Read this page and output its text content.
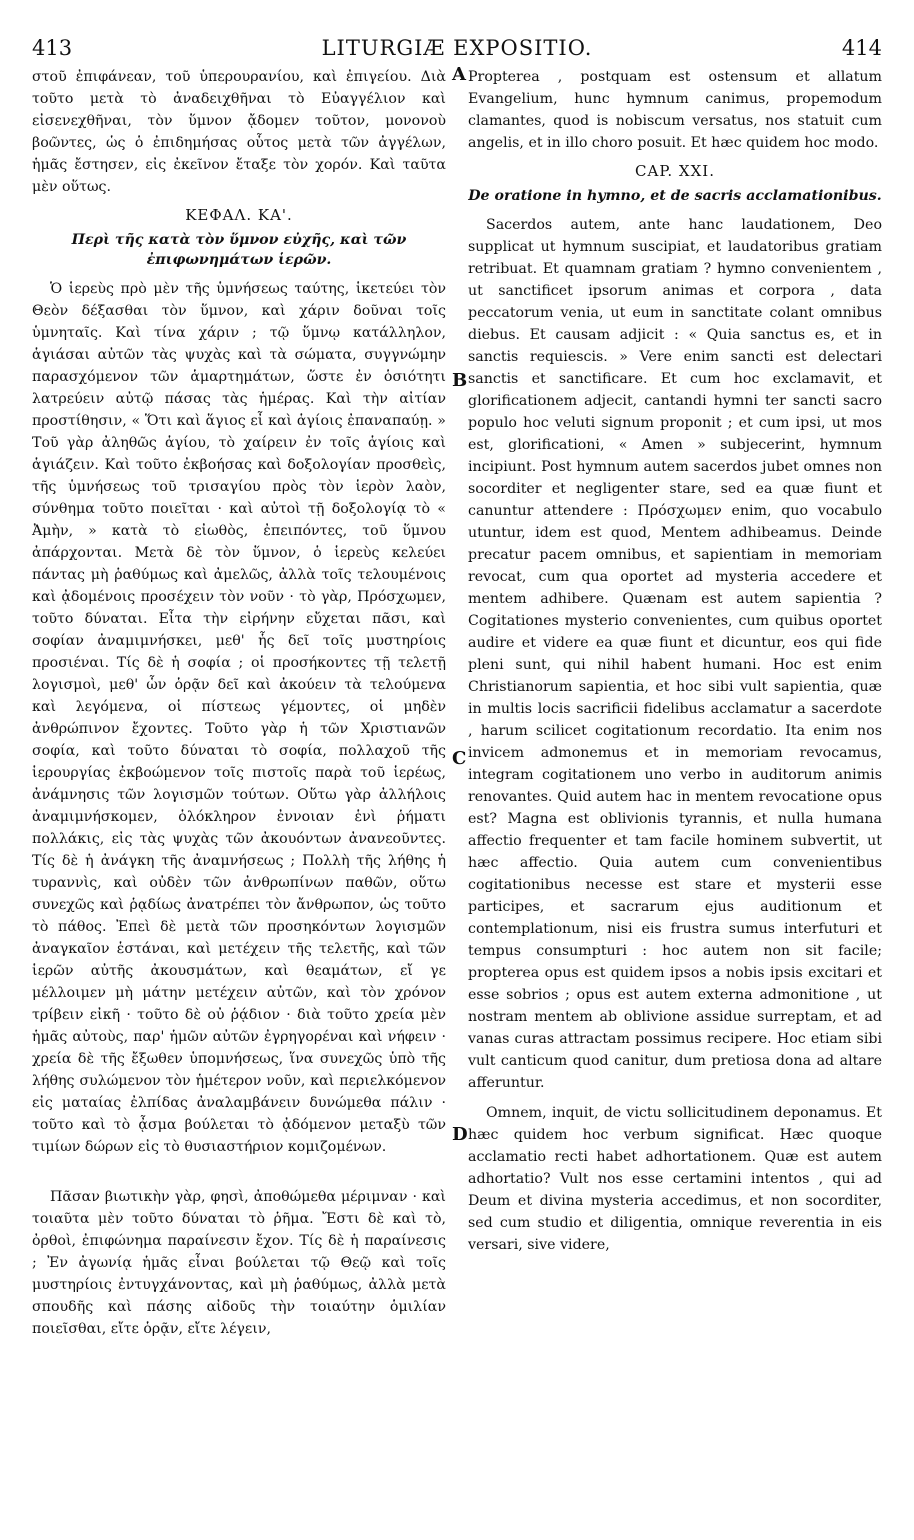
413	LITURGIÆ EXPOSITIO.	414
A
B
C
D

στοῦ ἐπιφάνεαν, τοῦ ὑπερουρανίου, καὶ ἐπιγείου. Διὰ τοῦτο μετὰ τὸ ἀναδειχθῆναι τὸ Εὐαγγέλιον καὶ εἰσενεχθῆναι, τὸν ὕμνον ᾄδομεν τοῦτον, μονονοὺ βοῶντες, ὡς ὁ ἐπιδημήσας οὗτος μετὰ τῶν ἀγγέλων, ἡμᾶς ἔστησεν, εἰς ἐκεῖνον ἔταξε τὸν χορόν. Καὶ ταῦτα μὲν οὕτως.

ΚΕΦΑΛ. ΚΑ'.
Περὶ τῆς κατὰ τὸν ὕμνον εὐχῆς, καὶ τῶν ἐπιφωνημάτων ἱερῶν.

Ὁ ἱερεὺς πρὸ μὲν τῆς ὑμνήσεως ταύτης, ἱκετεύει τὸν Θεὸν δέξασθαι τὸν ὕμνον, καὶ χάριν δοῦναι τοῖς ὑμνηταῖς. Καὶ τίνα χάριν ; τῷ ὕμνῳ κατάλληλον, ἁγιάσαι αὐτῶν τὰς ψυχὰς καὶ τὰ σώματα, συγγνώμην παρασχόμενον τῶν ἁμαρτημάτων, ὥστε ἐν ὁσιότητι λατρεύειν αὐτῷ πάσας τὰς ἡμέρας. Καὶ τὴν αἰτίαν προστίθησιν, « Ὅτι καὶ ἅγιος εἶ καὶ ἁγίοις ἐπαναπαύῃ. » Τοῦ γὰρ ἀληθῶς ἁγίου, τὸ χαίρειν ἐν τοῖς ἁγίοις καὶ ἁγιάζειν. Καὶ τοῦτο ἐκβοήσας καὶ δοξολογίαν προσθεὶς, τῆς ὑμνήσεως τοῦ τρισαγίου πρὸς τὸν ἱερὸν λαὸν, σύνθημα τοῦτο ποιεῖται · καὶ αὐτοὶ τῇ δοξολογίᾳ τὸ « Ἀμὴν, » κατὰ τὸ εἰωθὸς, ἐπειπόντες, τοῦ ὕμνου ἀπάρχονται. Μετὰ δὲ τὸν ὕμνον, ὁ ἱερεὺς κελεύει πάντας μὴ ῥαθύμως καὶ ἀμελῶς, ἀλλὰ τοῖς τελουμένοις καὶ ᾀδομένοις προσέχειν τὸν νοῦν · τὸ γὰρ, Πρόσχωμεν, τοῦτο δύναται. Εἶτα τὴν εἰρήνην εὔχεται πᾶσι, καὶ σοφίαν ἀναμιμνήσκει, μεθ' ἧς δεῖ τοῖς μυστηρίοις προσιέναι. Τίς δὲ ἡ σοφία ; οἱ προσήκοντες τῇ τελετῇ λογισμοὶ, μεθ' ὧν ὁρᾷν δεῖ καὶ ἀκούειν τὰ τελούμενα καὶ λεγόμενα, οἱ πίστεως γέμοντες, οἱ μηδὲν ἀνθρώπινον ἔχοντες. Τοῦτο γὰρ ἡ τῶν Χριστιανῶν σοφία, καὶ τοῦτο δύναται τὸ σοφία, πολλαχοῦ τῆς ἱερουργίας ἐκβοώμενον τοῖς πιστοῖς παρὰ τοῦ ἱερέως, ἀνάμνησις τῶν λογισμῶν τούτων. Οὕτω γὰρ ἀλλήλοις ἀναμιμνήσκομεν, ὁλόκληρον ἐννοιαν ἑνὶ ῥήματι πολλάκις, εἰς τὰς ψυχὰς τῶν ἀκουόντων ἀνανεοῦντες. Τίς δὲ ἡ ἀνάγκη τῆς ἀναμνήσεως ; Πολλὴ τῆς λήθης ἡ τυραννὶς, καὶ οὐδὲν τῶν ἀνθρωπίνων παθῶν, οὕτω συνεχῶς καὶ ῥᾳδίως ἀνατρέπει τὸν ἄνθρωπον, ὡς τοῦτο τὸ πάθος. Ἐπεὶ δὲ μετὰ τῶν προσηκόντων λογισμῶν ἀναγκαῖον ἑστάναι, καὶ μετέχειν τῆς τελετῆς, καὶ τῶν ἱερῶν αὐτῆς ἀκουσμάτων, καὶ θεαμάτων, εἴ γε μέλλοιμεν μὴ μάτην μετέχειν αὐτῶν, καὶ τὸν χρόνον τρίβειν εἰκῆ · τοῦτο δὲ οὐ ῥᾴδιον · διὰ τοῦτο χρεία μὲν ἡμᾶς αὐτοὺς, παρ' ἡμῶν αὐτῶν ἐγρηγορέναι καὶ νήφειν · χρεία δὲ τῆς ἔξωθεν ὑπομνήσεως, ἵνα συνεχῶς ὑπὸ τῆς λήθης συλώμενον τὸν ἡμέτερον νοῦν, καὶ περιελκόμενον εἰς ματαίας ἐλπίδας ἀναλαμβάνειν δυνώμεθα πάλιν · τοῦτο καὶ τὸ ᾆσμα βούλεται τὸ ᾀδόμενον μεταξὺ τῶν τιμίων δώρων εἰς τὸ θυσιαστήριον κομιζομένων.

Πᾶσαν βιωτικὴν γὰρ, φησὶ, ἀποθώμεθα μέριμναν · καὶ τοιαῦτα μὲν τοῦτο δύναται τὸ ῥῆμα. Ἔστι δὲ καὶ τὸ, ὀρθοὶ, ἐπιφώνημα παραίνεσιν ἔχον. Τίς δὲ ἡ παραίνεσις ; Ἐν ἀγωνίᾳ ἡμᾶς εἶναι βούλεται τῷ Θεῷ καὶ τοῖς μυστηρίοις ἐντυγχάνοντας, καὶ μὴ ῥαθύμως, ἀλλὰ μετὰ σπουδῆς καὶ πάσης αἰδοῦς τὴν τοιαύτην ὁμιλίαν ποιεῖσθαι, εἴτε ὁρᾷν, εἴτε λέγειν,

Propterea , postquam est ostensum et allatum Evangelium, hunc hymnum canimus, propemodum clamantes, quod is nobiscum versatus, nos statuit cum angelis, et in illo choro posuit. Et hæc quidem hoc modo.

CAP. XXI.
De oratione in hymno, et de sacris acclamationibus.

Sacerdos autem, ante hanc laudationem, Deo supplicat ut hymnum suscipiat, et laudatoribus gratiam retribuat. Et quamnam gratiam ? hymno convenientem , ut sanctificet ipsorum animas et corpora , data peccatorum venia, ut eum in sanctitate colant omnibus diebus. Et causam adjicit : « Quia sanctus es, et in sanctis requiescis. » Vere enim sancti est delectari sanctis et sanctificare. Et cum hoc exclamavit, et glorificationem adjecit, cantandi hymni ter sancti sacro populo hoc veluti signum proponit ; et cum ipsi, ut mos est, glorificationi, « Amen » subjecerint, hymnum incipiunt. Post hymnum autem sacerdos jubet omnes non socorditer et negligenter stare, sed ea quæ fiunt et canuntur attendere : Πρόσχωμεν enim, quo vocabulo utuntur, idem est quod, Mentem adhibeamus. Deinde precatur pacem omnibus, et sapientiam in memoriam revocat, cum qua oportet ad mysteria accedere et mentem adhibere. Quænam est autem sapientia ? Cogitationes mysterio convenientes, cum quibus oportet audire et videre ea quæ fiunt et dicuntur, eos qui fide pleni sunt, qui nihil habent humani. Hoc est enim Christianorum sapientia, et hoc sibi vult sapientia, quæ in multis locis sacrificii fidelibus acclamatur a sacerdote , harum scilicet cogitationum recordatio. Ita enim nos invicem admonemus et in memoriam revocamus, integram cogitationem uno verbo in auditorum animis renovantes. Quid autem hac in mentem revocatione opus est? Magna est oblivionis tyrannis, et nulla humana affectio frequenter et tam facile hominem subvertit, ut hæc affectio. Quia autem cum convenientibus cogitationibus necesse est stare et mysterii esse participes, et sacrarum ejus auditionum et contemplationum, nisi eis frustra sumus interfuturi et tempus consumpturi : hoc autem non sit facile; propterea opus est quidem ipsos a nobis ipsis excitari et esse sobrios ; opus est autem externa admonitione , ut nostram mentem ab oblivione assidue surreptam, et ad vanas curas attractam possimus recipere. Hoc etiam sibi vult canticum quod canitur, dum pretiosa dona ad altare afferuntur.

Omnem, inquit, de victu sollicitudinem deponamus. Et hæc quidem hoc verbum significat. Hæc quoque acclamatio recti habet adhortationem. Quæ est autem adhortatio? Vult nos esse certamini intentos , qui ad Deum et divina mysteria accedimus, et non socorditer, sed cum studio et diligentia, omnique reverentia in eis versari, sive videre,
